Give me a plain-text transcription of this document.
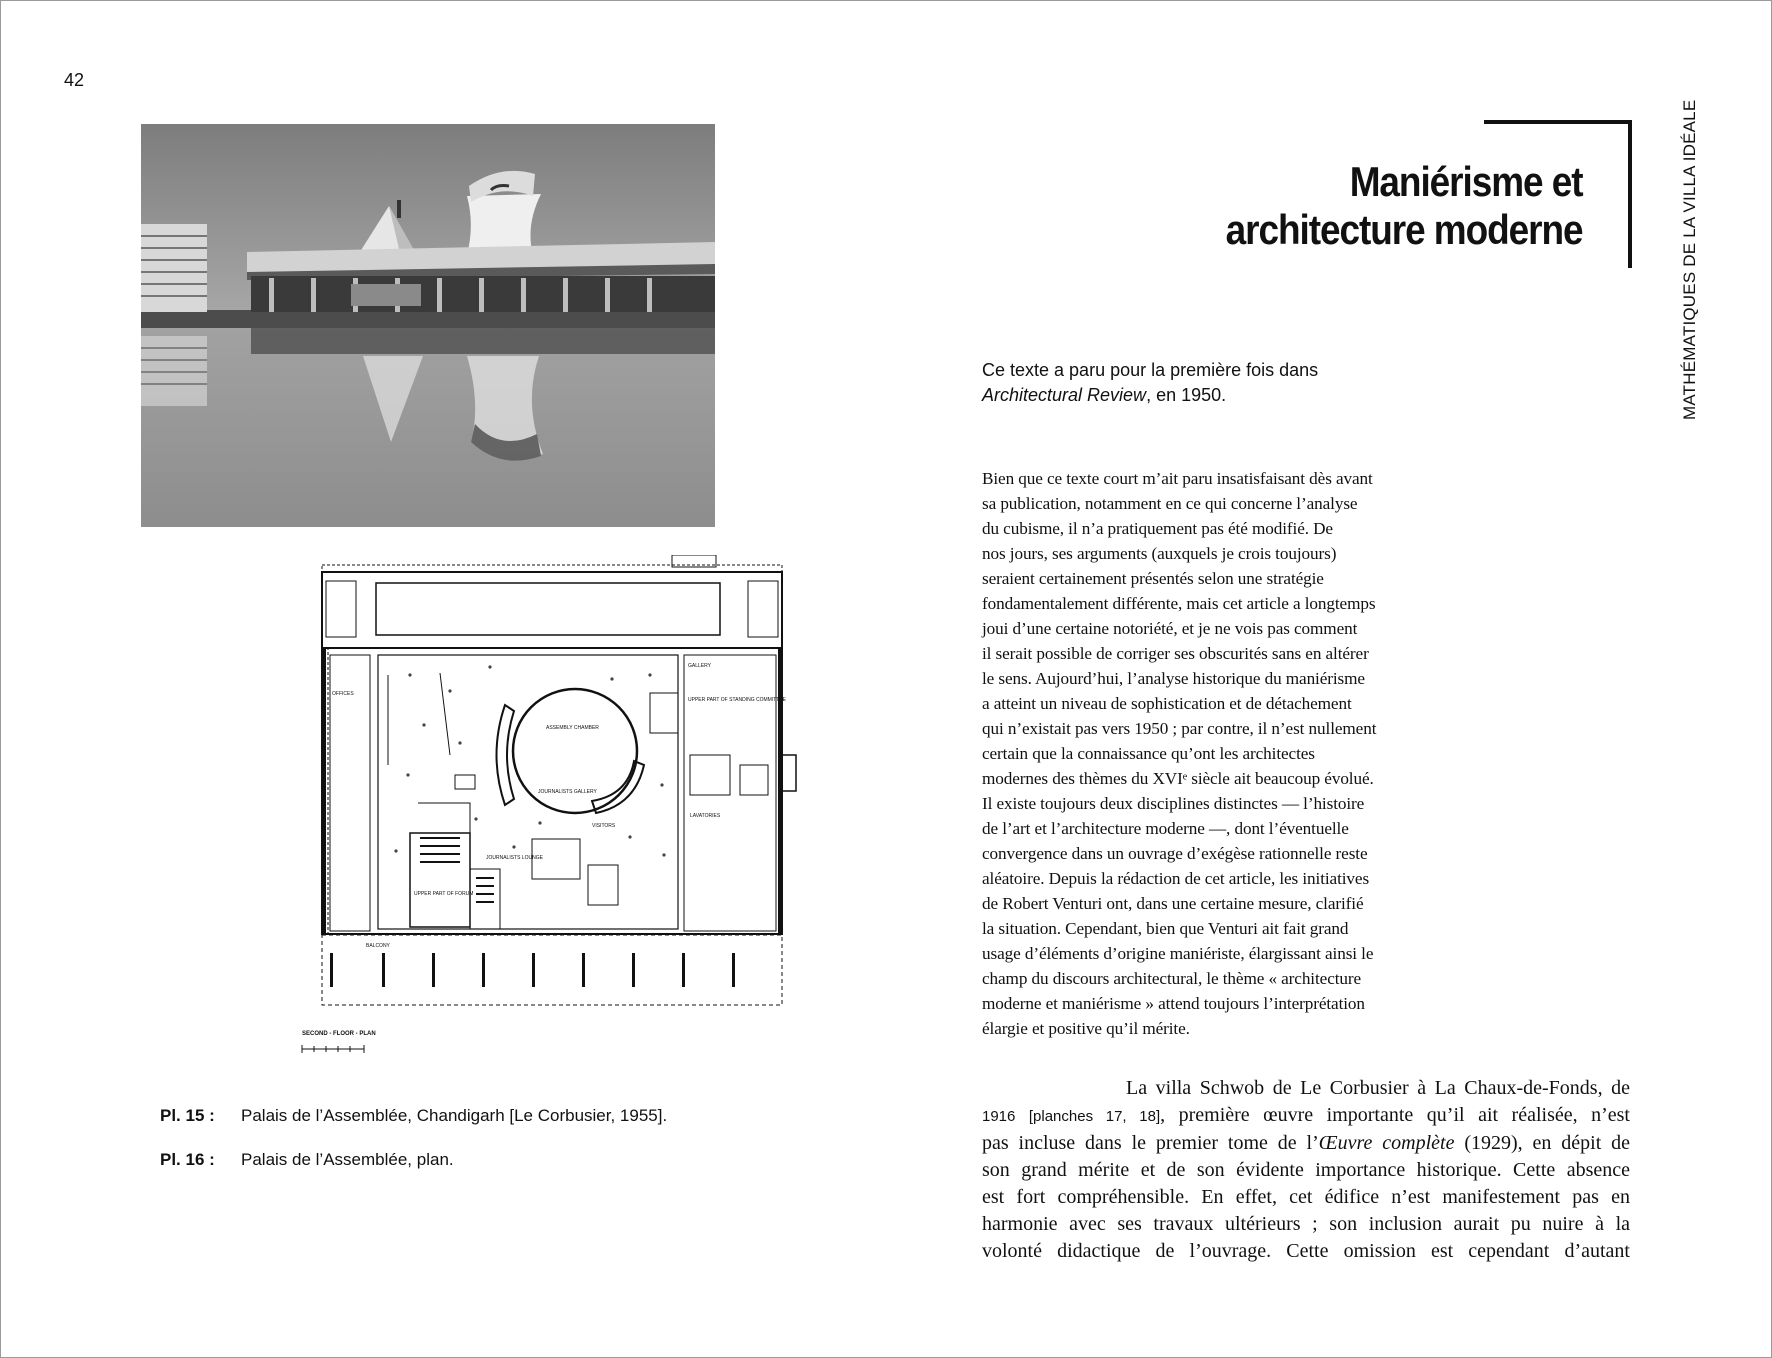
42
MATHÉMATIQUES DE LA VILLA IDÉALE
ASSEMBLY CHAMBER
GALLERY
OFFICES
JOURNALISTS GALLERY
VISITORS
BALCONY
JOURNALISTS LOUNGE
UPPER PART OF STANDING COMMITTEE
LAVATORIES
UPPER PART OF FORUM
SECOND - FLOOR - PLAN
Pl. 15 : Palais de l’Assemblée, Chandigarh [Le Corbusier, 1955].
Pl. 16 : Palais de l’Assemblée, plan.
Maniérisme et
architecture moderne
Ce texte a paru pour la première fois dans
Architectural Review, en 1950.
Bien que ce texte court m’ait paru insatisfaisant dès avant
sa publication, notamment en ce qui concerne l’analyse
du cubisme, il n’a pratiquement pas été modifié. De
nos jours, ses arguments (auxquels je crois toujours)
seraient certainement présentés selon une stratégie
fondamentalement différente, mais cet article a longtemps
joui d’une certaine notoriété, et je ne vois pas comment
il serait possible de corriger ses obscurités sans en altérer
le sens. Aujourd’hui, l’analyse historique du maniérisme
a atteint un niveau de sophistication et de détachement
qui n’existait pas vers 1950 ; par contre, il n’est nullement
certain que la connaissance qu’ont les architectes
modernes des thèmes du XVIᵉ siècle ait beaucoup évolué.
Il existe toujours deux disciplines distinctes — l’histoire
de l’art et l’architecture moderne —, dont l’éventuelle
convergence dans un ouvrage d’exégèse rationnelle reste
aléatoire. Depuis la rédaction de cet article, les initiatives
de Robert Venturi ont, dans une certaine mesure, clarifié
la situation. Cependant, bien que Venturi ait fait grand
usage d’éléments d’origine maniériste, élargissant ainsi le
champ du discours architectural, le thème « architecture
moderne et maniérisme » attend toujours l’interprétation
élargie et positive qu’il mérite.
La villa Schwob de Le Corbusier à La Chaux-de-Fonds, de
1916 [planches 17, 18], première œuvre importante qu’il ait réalisée, n’est
pas incluse dans le premier tome de l’Œuvre complète (1929), en dépit de
son grand mérite et de son évidente importance historique. Cette absence
est fort compréhensible. En effet, cet édifice n’est manifestement pas en
harmonie avec ses travaux ultérieurs ; son inclusion aurait pu nuire à la
volonté didactique de l’ouvrage. Cette omission est cependant d’autant
